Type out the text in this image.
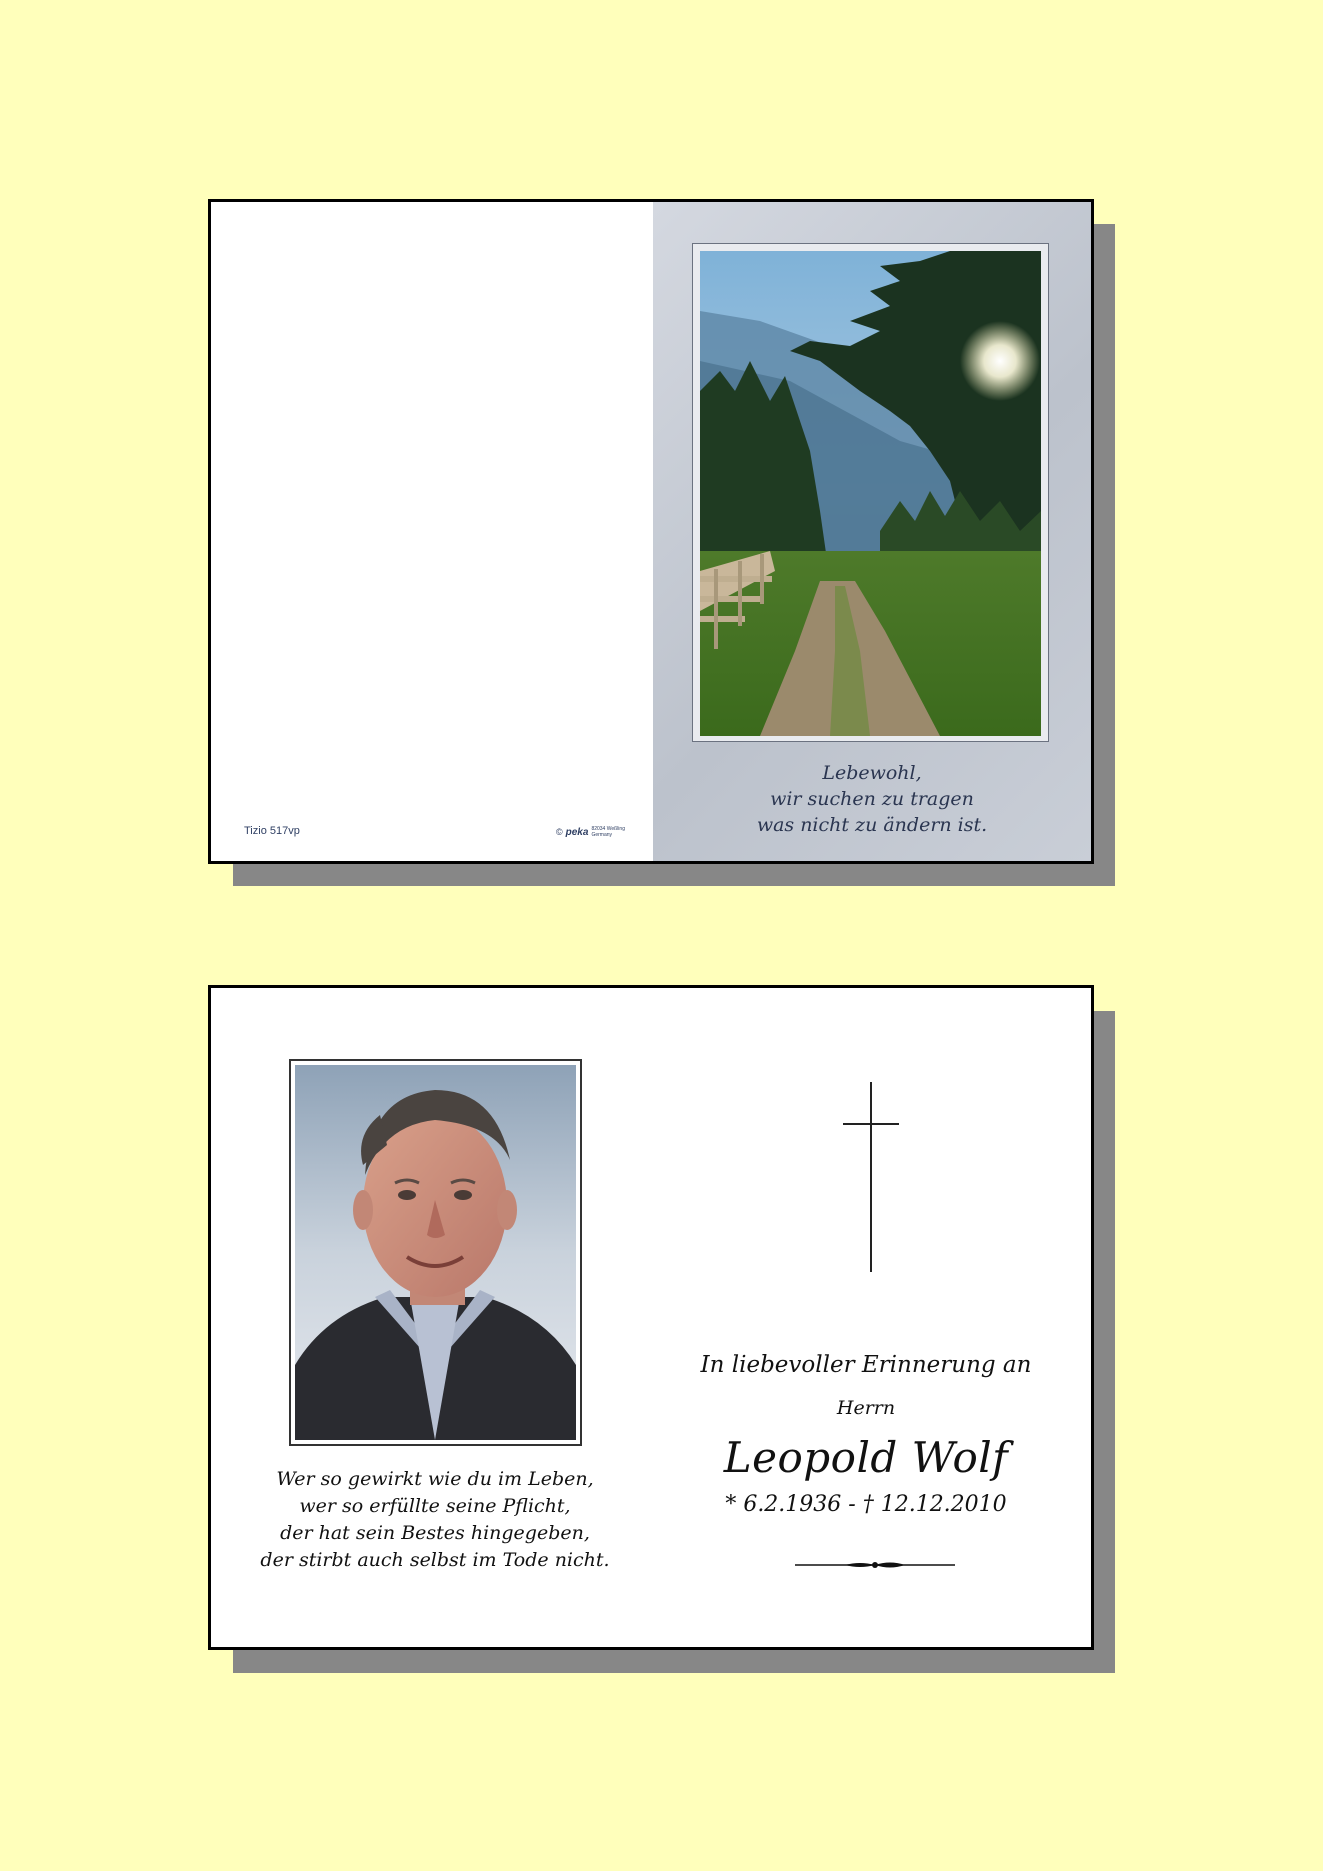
Tizio 517vp	© peka 82034 Weßling Germany
Lebewohl,
wir suchen zu tragen
was nicht zu ändern ist.
Wer so gewirkt wie du im Leben,
wer so erfüllte seine Pflicht,
der hat sein Bestes hingegeben,
der stirbt auch selbst im Tode nicht.
In liebevoller Erinnerung an
Herrn
Leopold Wolf
* 6.2.1936 - † 12.12.2010
